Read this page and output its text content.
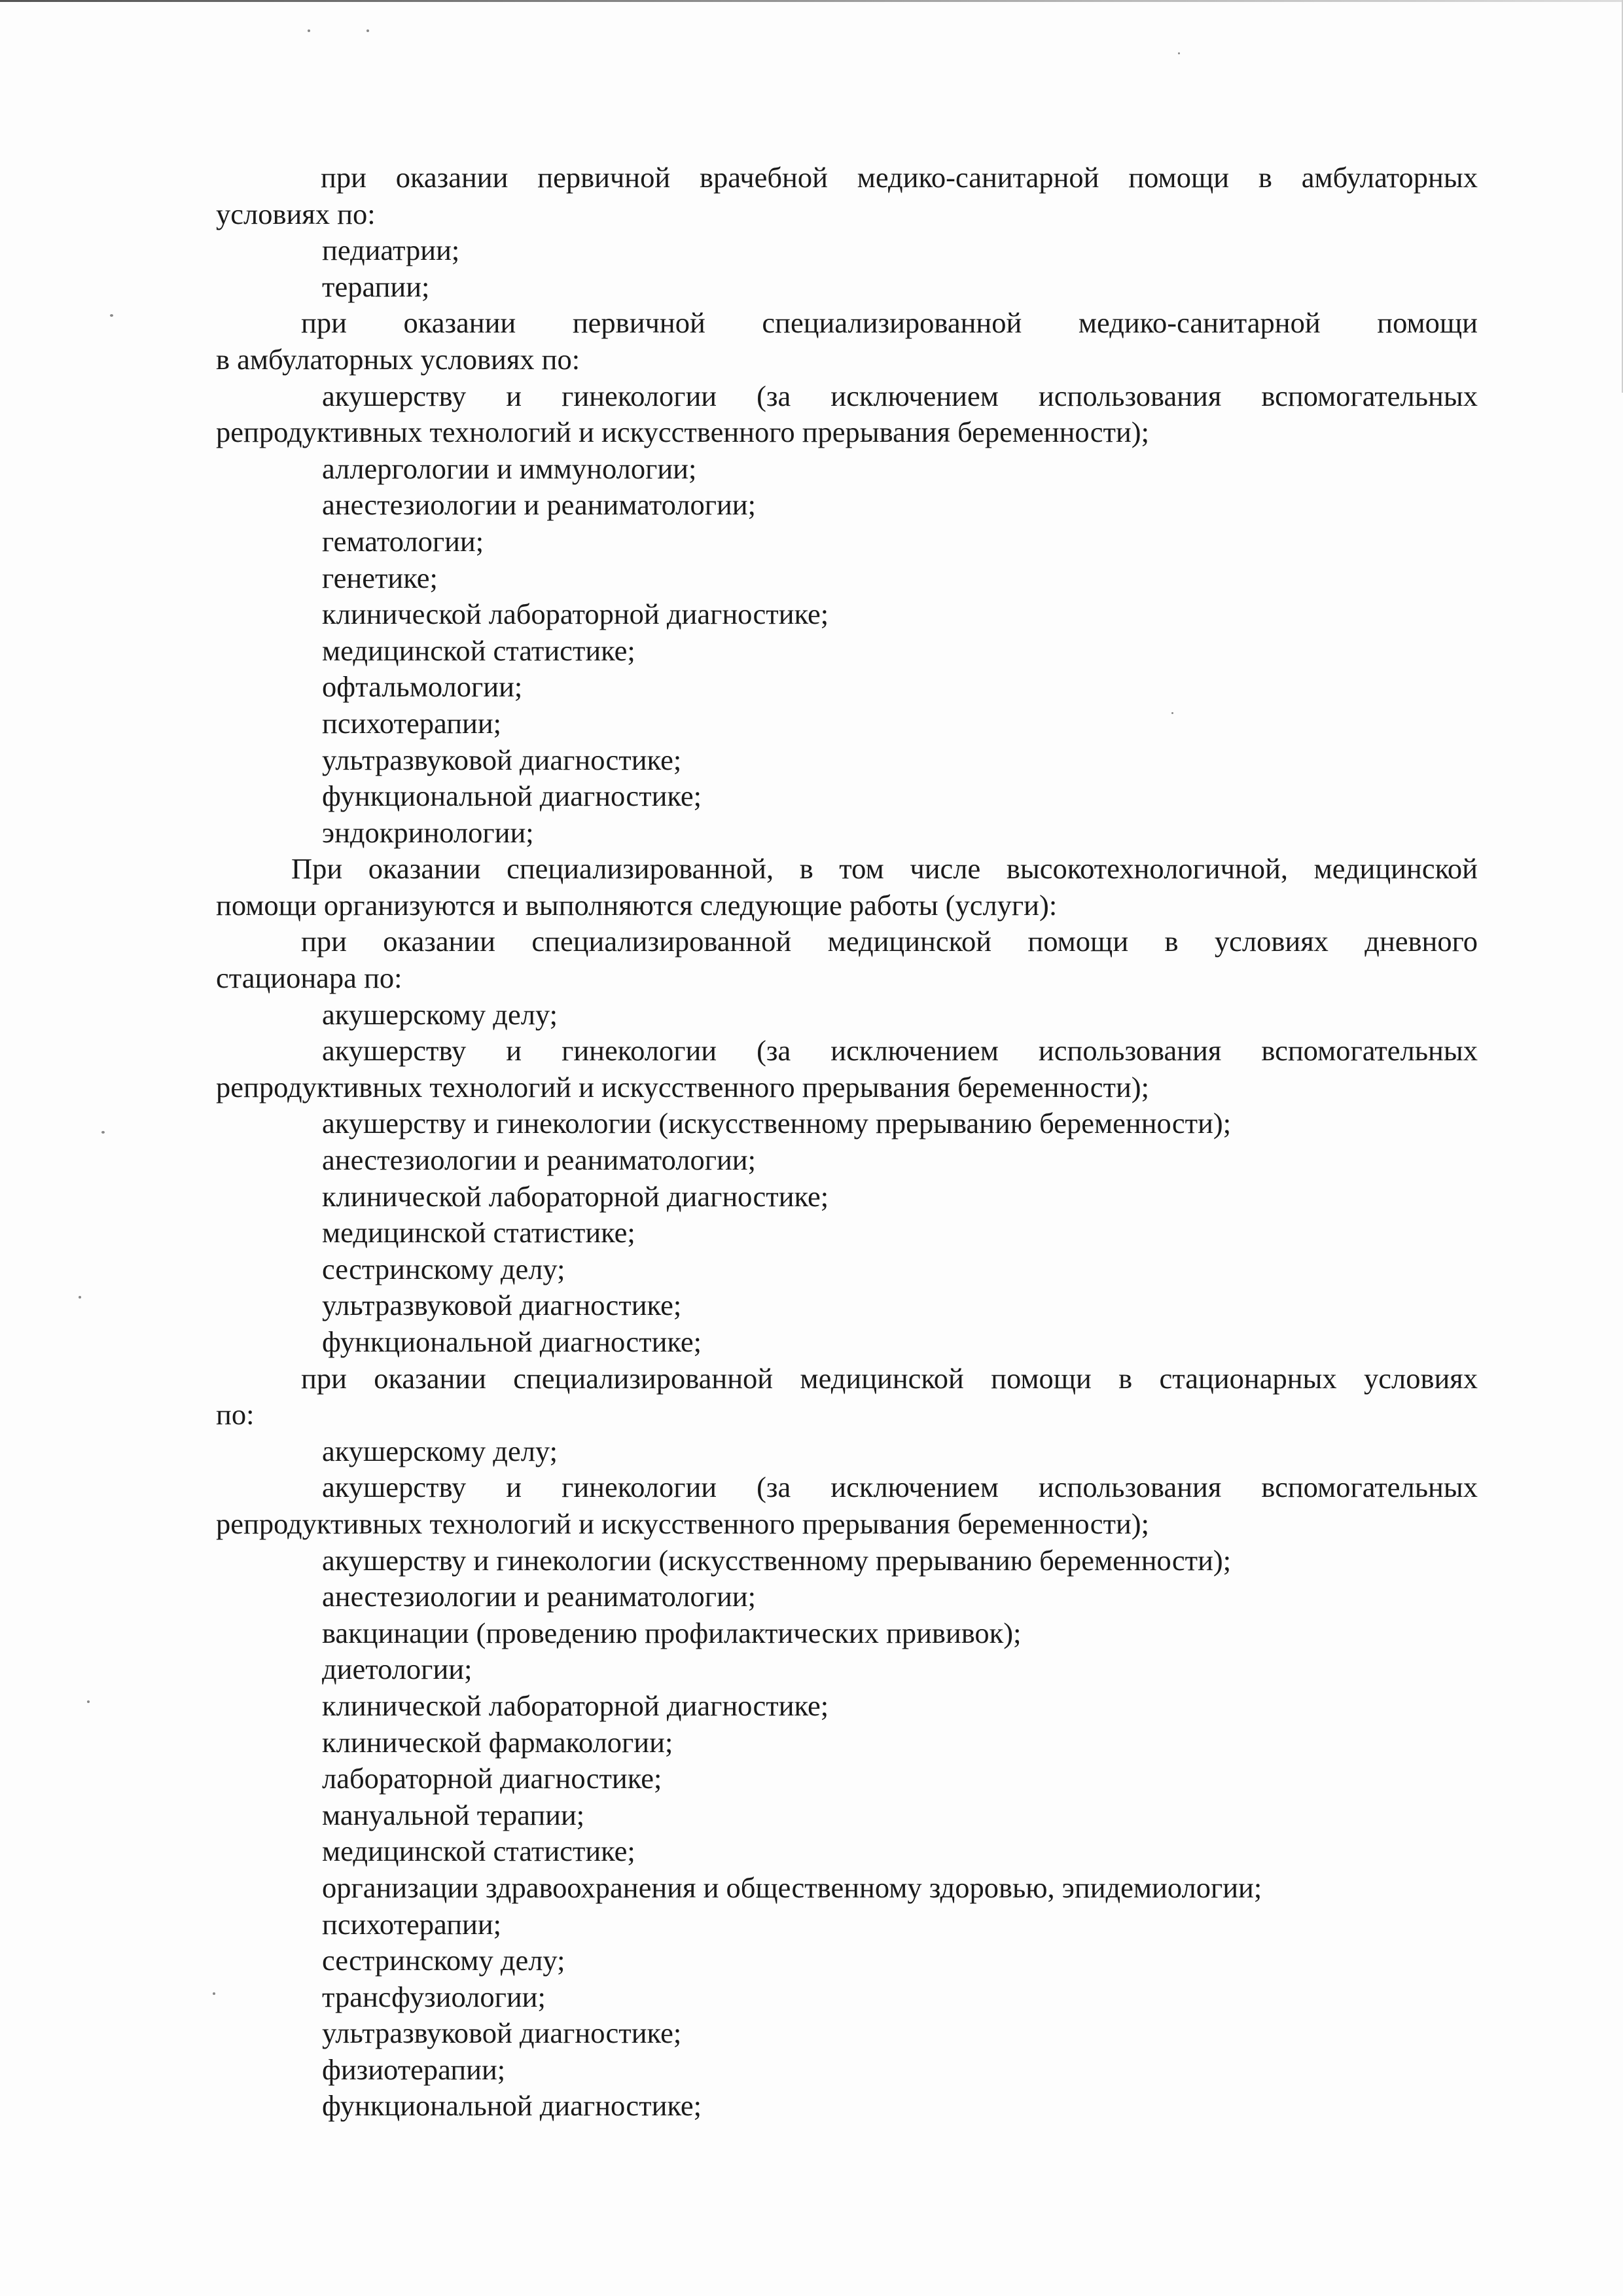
при оказании первичной врачебной медико-санитарной помощи в амбулаторных
условиях по:
педиатрии;
терапии;
при оказании первичной специализированной медико-санитарной помощи
в амбулаторных условиях по:
акушерству и гинекологии (за исключением использования вспомогательных
репродуктивных технологий и искусственного прерывания беременности);
аллергологии и иммунологии;
анестезиологии и реаниматологии;
гематологии;
генетике;
клинической лабораторной диагностике;
медицинской статистике;
офтальмологии;
психотерапии;
ультразвуковой диагностике;
функциональной диагностике;
эндокринологии;
При оказании специализированной, в том числе высокотехнологичной, медицинской
помощи организуются и выполняются следующие работы (услуги):
при оказании специализированной медицинской помощи в условиях дневного
стационара по:
акушерскому делу;
акушерству и гинекологии (за исключением использования вспомогательных
репродуктивных технологий и искусственного прерывания беременности);
акушерству и гинекологии (искусственному прерыванию беременности);
анестезиологии и реаниматологии;
клинической лабораторной диагностике;
медицинской статистике;
сестринскому делу;
ультразвуковой диагностике;
функциональной диагностике;
при оказании специализированной медицинской помощи в стационарных условиях
по:
акушерскому делу;
акушерству и гинекологии (за исключением использования вспомогательных
репродуктивных технологий и искусственного прерывания беременности);
акушерству и гинекологии (искусственному прерыванию беременности);
анестезиологии и реаниматологии;
вакцинации (проведению профилактических прививок);
диетологии;
клинической лабораторной диагностике;
клинической фармакологии;
лабораторной диагностике;
мануальной терапии;
медицинской статистике;
организации здравоохранения и общественному здоровью, эпидемиологии;
психотерапии;
сестринскому делу;
трансфузиологии;
ультразвуковой диагностике;
физиотерапии;
функциональной диагностике;
